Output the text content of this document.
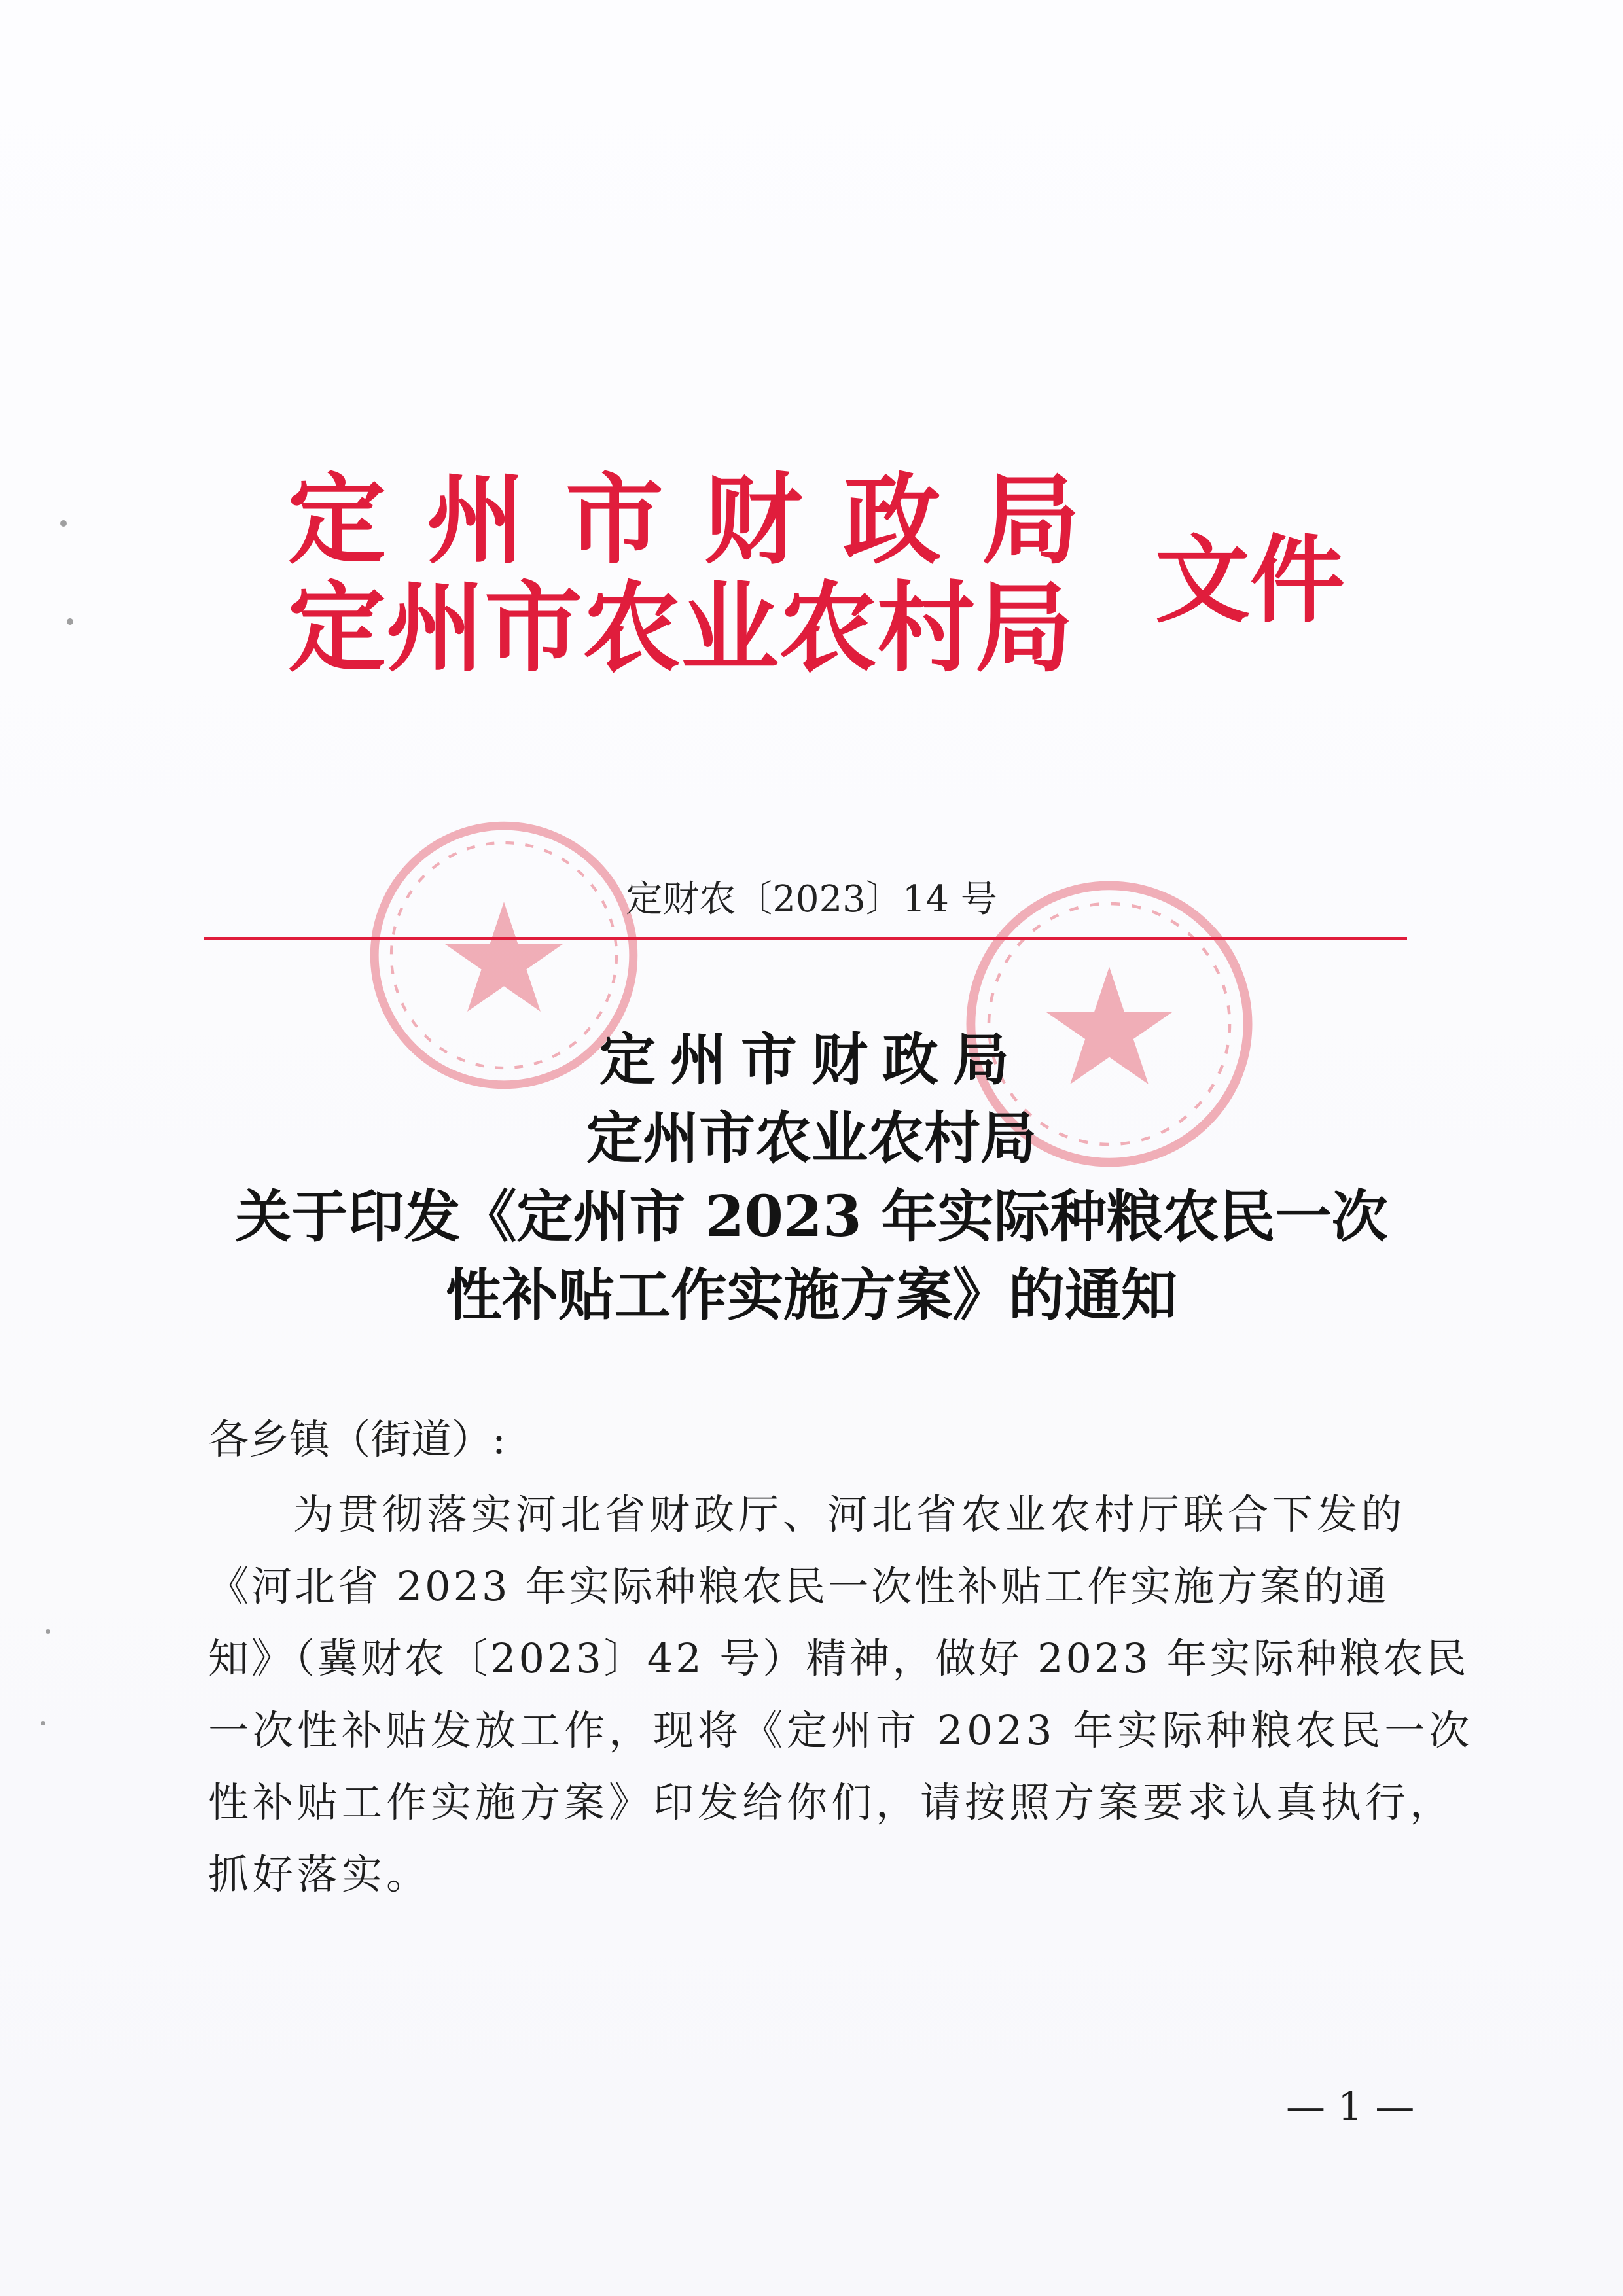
定州市财政局
定州市农业农村局 文件
定财农〔2023〕14 号
定州市财政局
定州市农业农村局
关于印发《定州市 2023 年实际种粮农民一次
性补贴工作实施方案》的通知
各乡镇（街道）:
为贯彻落实河北省财政厅、河北省农业农村厅联合下发的
《河北省 2023 年实际种粮农民一次性补贴工作实施方案的通
知》（冀财农〔2023〕42 号）精神，做好 2023 年实际种粮农民
一次性补贴发放工作，现将《定州市 2023 年实际种粮农民一次
性补贴工作实施方案》印发给你们，请按照方案要求认真执行，
抓好落实。
— 1 —
